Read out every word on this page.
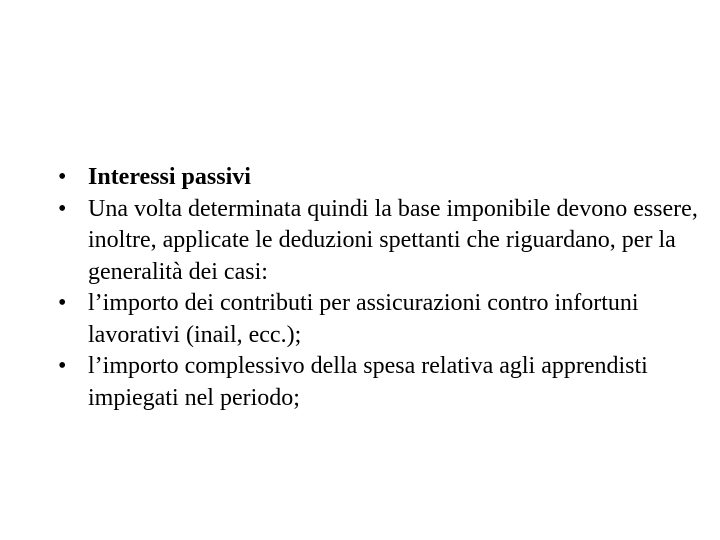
• Interessi passivi
• Una volta determinata quindi la base imponibile devono essere, inoltre, applicate le deduzioni spettanti che riguardano, per la generalità dei casi:
• l’importo dei contributi per assicurazioni contro infortuni lavorativi (inail, ecc.);
• l’importo complessivo della spesa relativa agli apprendisti impiegati nel periodo;
